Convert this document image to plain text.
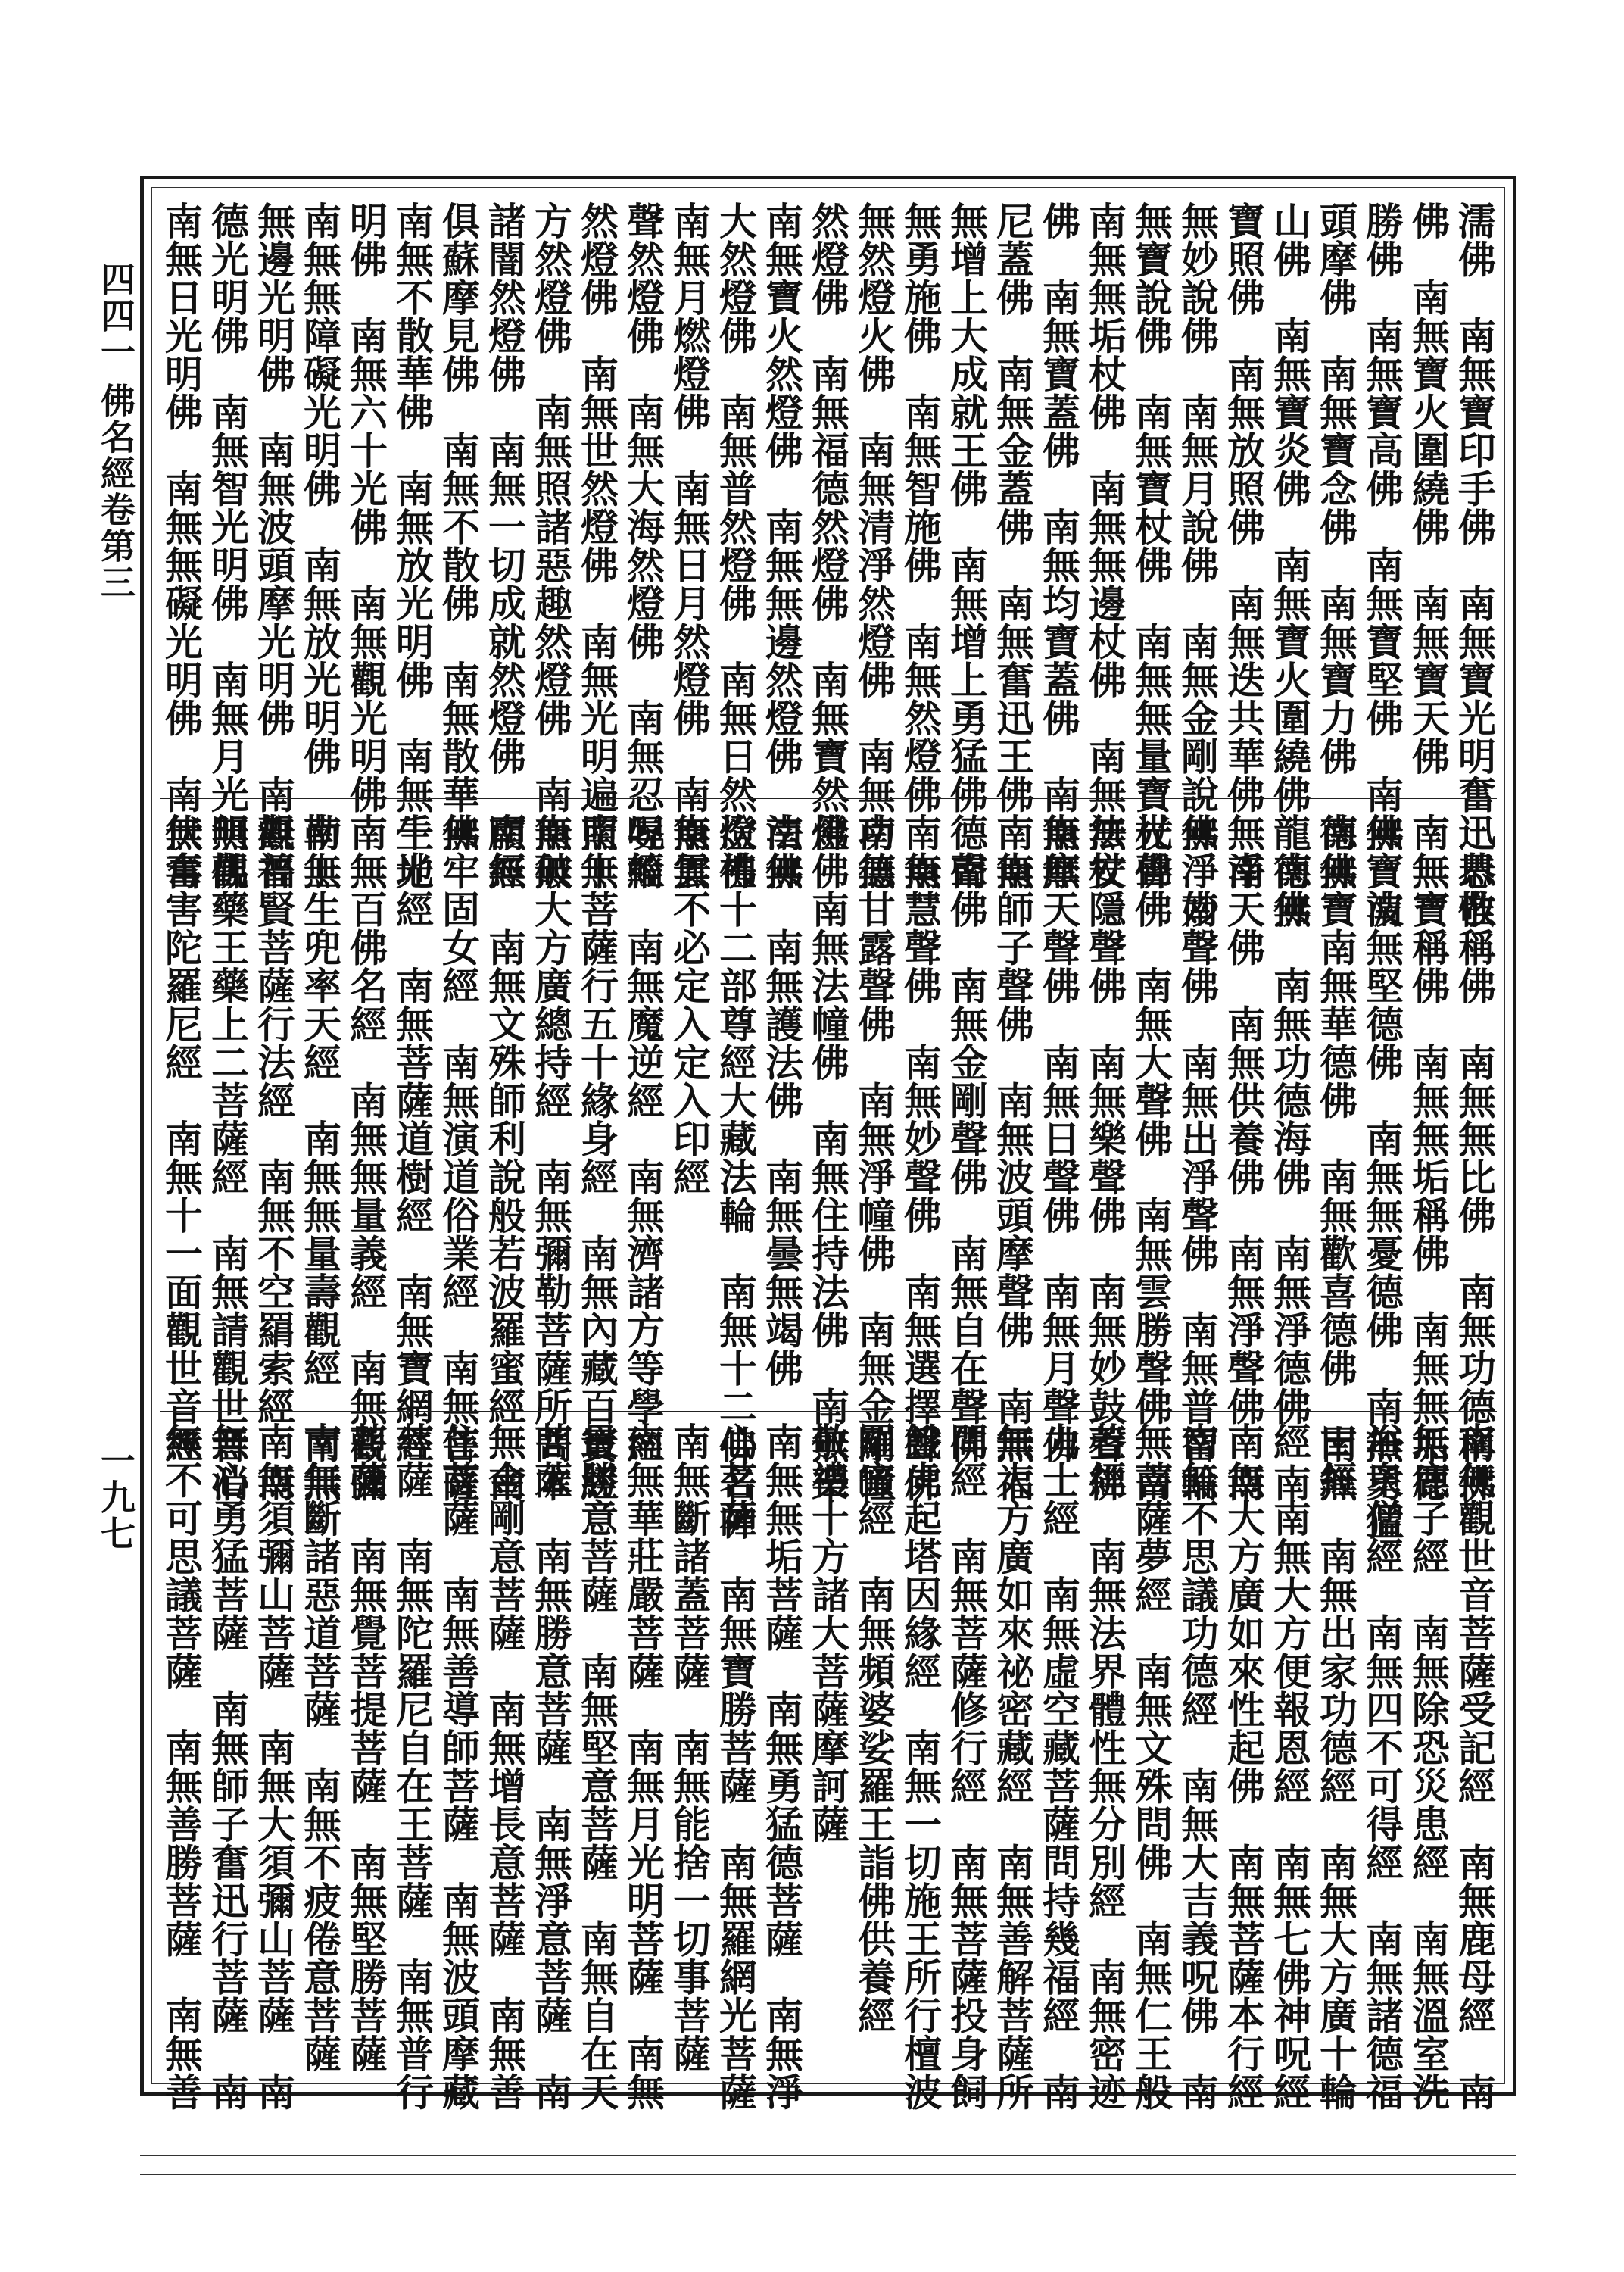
濡佛　南無寶印手佛　南無寶光明奮迅思惟
佛　南無寶火圍繞佛　南無寶天佛　南無寶
勝佛　南無寶高佛　南無寶堅佛　南無寶波
頭摩佛　南無寶念佛　南無寶力佛　南無寶
山佛　南無寶炎佛　南無寶火圍繞佛　南無
寶照佛　南無放照佛　南無迭共華佛　南
無妙說佛　南無月說佛　南無金剛說佛　南
無寶說佛　南無寶杖佛　南無無量寶杖佛
南無無垢杖佛　南無無邊杖佛　南無法杖
佛　南無寶蓋佛　南無均寶蓋佛　南無摩
尼蓋佛　南無金蓋佛　南無奮迅王佛　南
無增上大成就王佛　南無增上勇猛佛　南
無勇施佛　南無智施佛　南無然燈佛　南
無然燈火佛　南無清淨然燈佛　南無功德
然燈佛　南無福德然燈佛　南無寶然燈佛
南無寶火然燈佛　南無無邊然燈佛　南無
大然燈佛　南無普然燈佛　南無日然燈佛
南無月燃燈佛　南無日月然燈佛　南無雲
聲然燈佛　南無大海然燈佛　南無忍辱輪
然燈佛　南無世然燈佛　南無光明遍照十
方然燈佛　南無照諸惡趣然燈佛　南無破
諸闇然燈佛　南無一切成就然燈佛　南無
俱蘇摩見佛　南無不散佛　南無散華佛
南無不散華佛　南無放光明佛　南無千光
明佛　南無六十光佛　南無觀光明佛
南無無障礙光明佛　南無放光明佛　南無
無邊光明佛　南無波頭摩光明佛　南無福
德光明佛　南無智光明佛　南無月光明佛
南無日光明佛　南無無礙光明佛　南無奮
迅恭敬稱佛　南無無比佛　南無功德稱佛
南無寶稱佛　南無無垢稱佛　南無無垢德
佛　南無堅德佛　南無無憂德佛　南無勇猛
德佛　南無華德佛　南無歡喜德佛　南無
龍德佛　南無功德海佛　南無淨德佛　南
無淨天佛　南無供養佛　南無淨聲佛　南
無淨妙聲佛　南無出淨聲佛　南無普智輪
光聲佛　南無大聲佛　南無雲勝聲佛　南
無安隱聲佛　南無樂聲佛　南無妙鼓聲佛
南無天聲佛　南無日聲佛　南無月聲佛
南無師子聲佛　南無波頭摩聲佛　南無福
德聲佛　南無金剛聲佛　南無自在聲佛
南無慧聲佛　南無妙聲佛　南無選擇聲佛
南無甘露聲佛　南無淨幢佛　南無金剛幢
佛　南無法幢佛　南無住持法佛　南無樂
法佛　南無護法佛　南無曇無竭佛
次禮十二部尊經大藏法輪　南無十二佛名神
南無不必定入定入印經
呪經　南無魔逆經　南無濟諸方等學經
南無菩薩行五十緣身經　南無內藏百寶經
南無大方廣總持經　南無彌勒菩薩所問本
願經　南無文殊師利說般若波羅蜜經　南
無牢固女經　南無演道俗業經　南無菩薩
生地經　南無菩薩道樹經　南無寶網經
南無百佛名經　南無無量義經　南無觀彌
勒上生兜率天經　南無無量壽觀經　南無
觀普賢菩薩行法經　南無不空羂索經　南
無觀藥王藥上二菩薩經　南無請觀世音消
伏毒害陀羅尼經　南無十一面觀世音經
南無觀世音菩薩受記經　南無鹿母經　南
無鹿子經　南無除恐災患經　南無溫室洗
浴衆僧經　南無四不可得經　南無諸德福
田經　南無出家功德經　南無大方廣十輪
經　南無大方便報恩經　南無七佛神呪經
南無大方廣如來性起佛　南無菩薩本行經
南無不思議功德經　南無大吉義呪佛　南
無菩薩夢經　南無文殊問佛　南無仁王般
若經　南無法界體性無分別經　南無密迹
力士經　南無虛空藏菩薩問持幾福經　南
無大方廣如來祕密藏經　南無善解菩薩所
問經　南無菩薩修行經　南無菩薩投身飼
餓虎起塔因緣經　南無一切施王所行檀波
羅蜜經　南無頻婆娑羅王詣佛供養經
敬禮十方諸大菩薩摩訶薩
南無無垢菩薩　南無勇猛德菩薩　南無淨
心菩薩　南無寶勝菩薩　南無羅網光菩薩
南無斷諸蓋菩薩　南無能捨一切事菩薩
南無華莊嚴菩薩　南無月光明菩薩　南無
最勝意菩薩　南無堅意菩薩　南無自在天
菩薩　南無勝意菩薩　南無淨意菩薩　南
無金剛意菩薩　南無增長意菩薩　南無善
住菩薩　南無善導師菩薩　南無波頭摩藏
菩薩　南無陀羅尼自在王菩薩　南無普行
菩薩　南無覺菩提菩薩　南無堅勝菩薩
南無斷諸惡道菩薩　南無不疲倦意菩薩
南無須彌山菩薩　南無大須彌山菩薩　南
無心勇猛菩薩　南無師子奮迅行菩薩　南
無不可思議菩薩　南無善勝菩薩　南無善
四四一
佛名經卷第三
一九七
